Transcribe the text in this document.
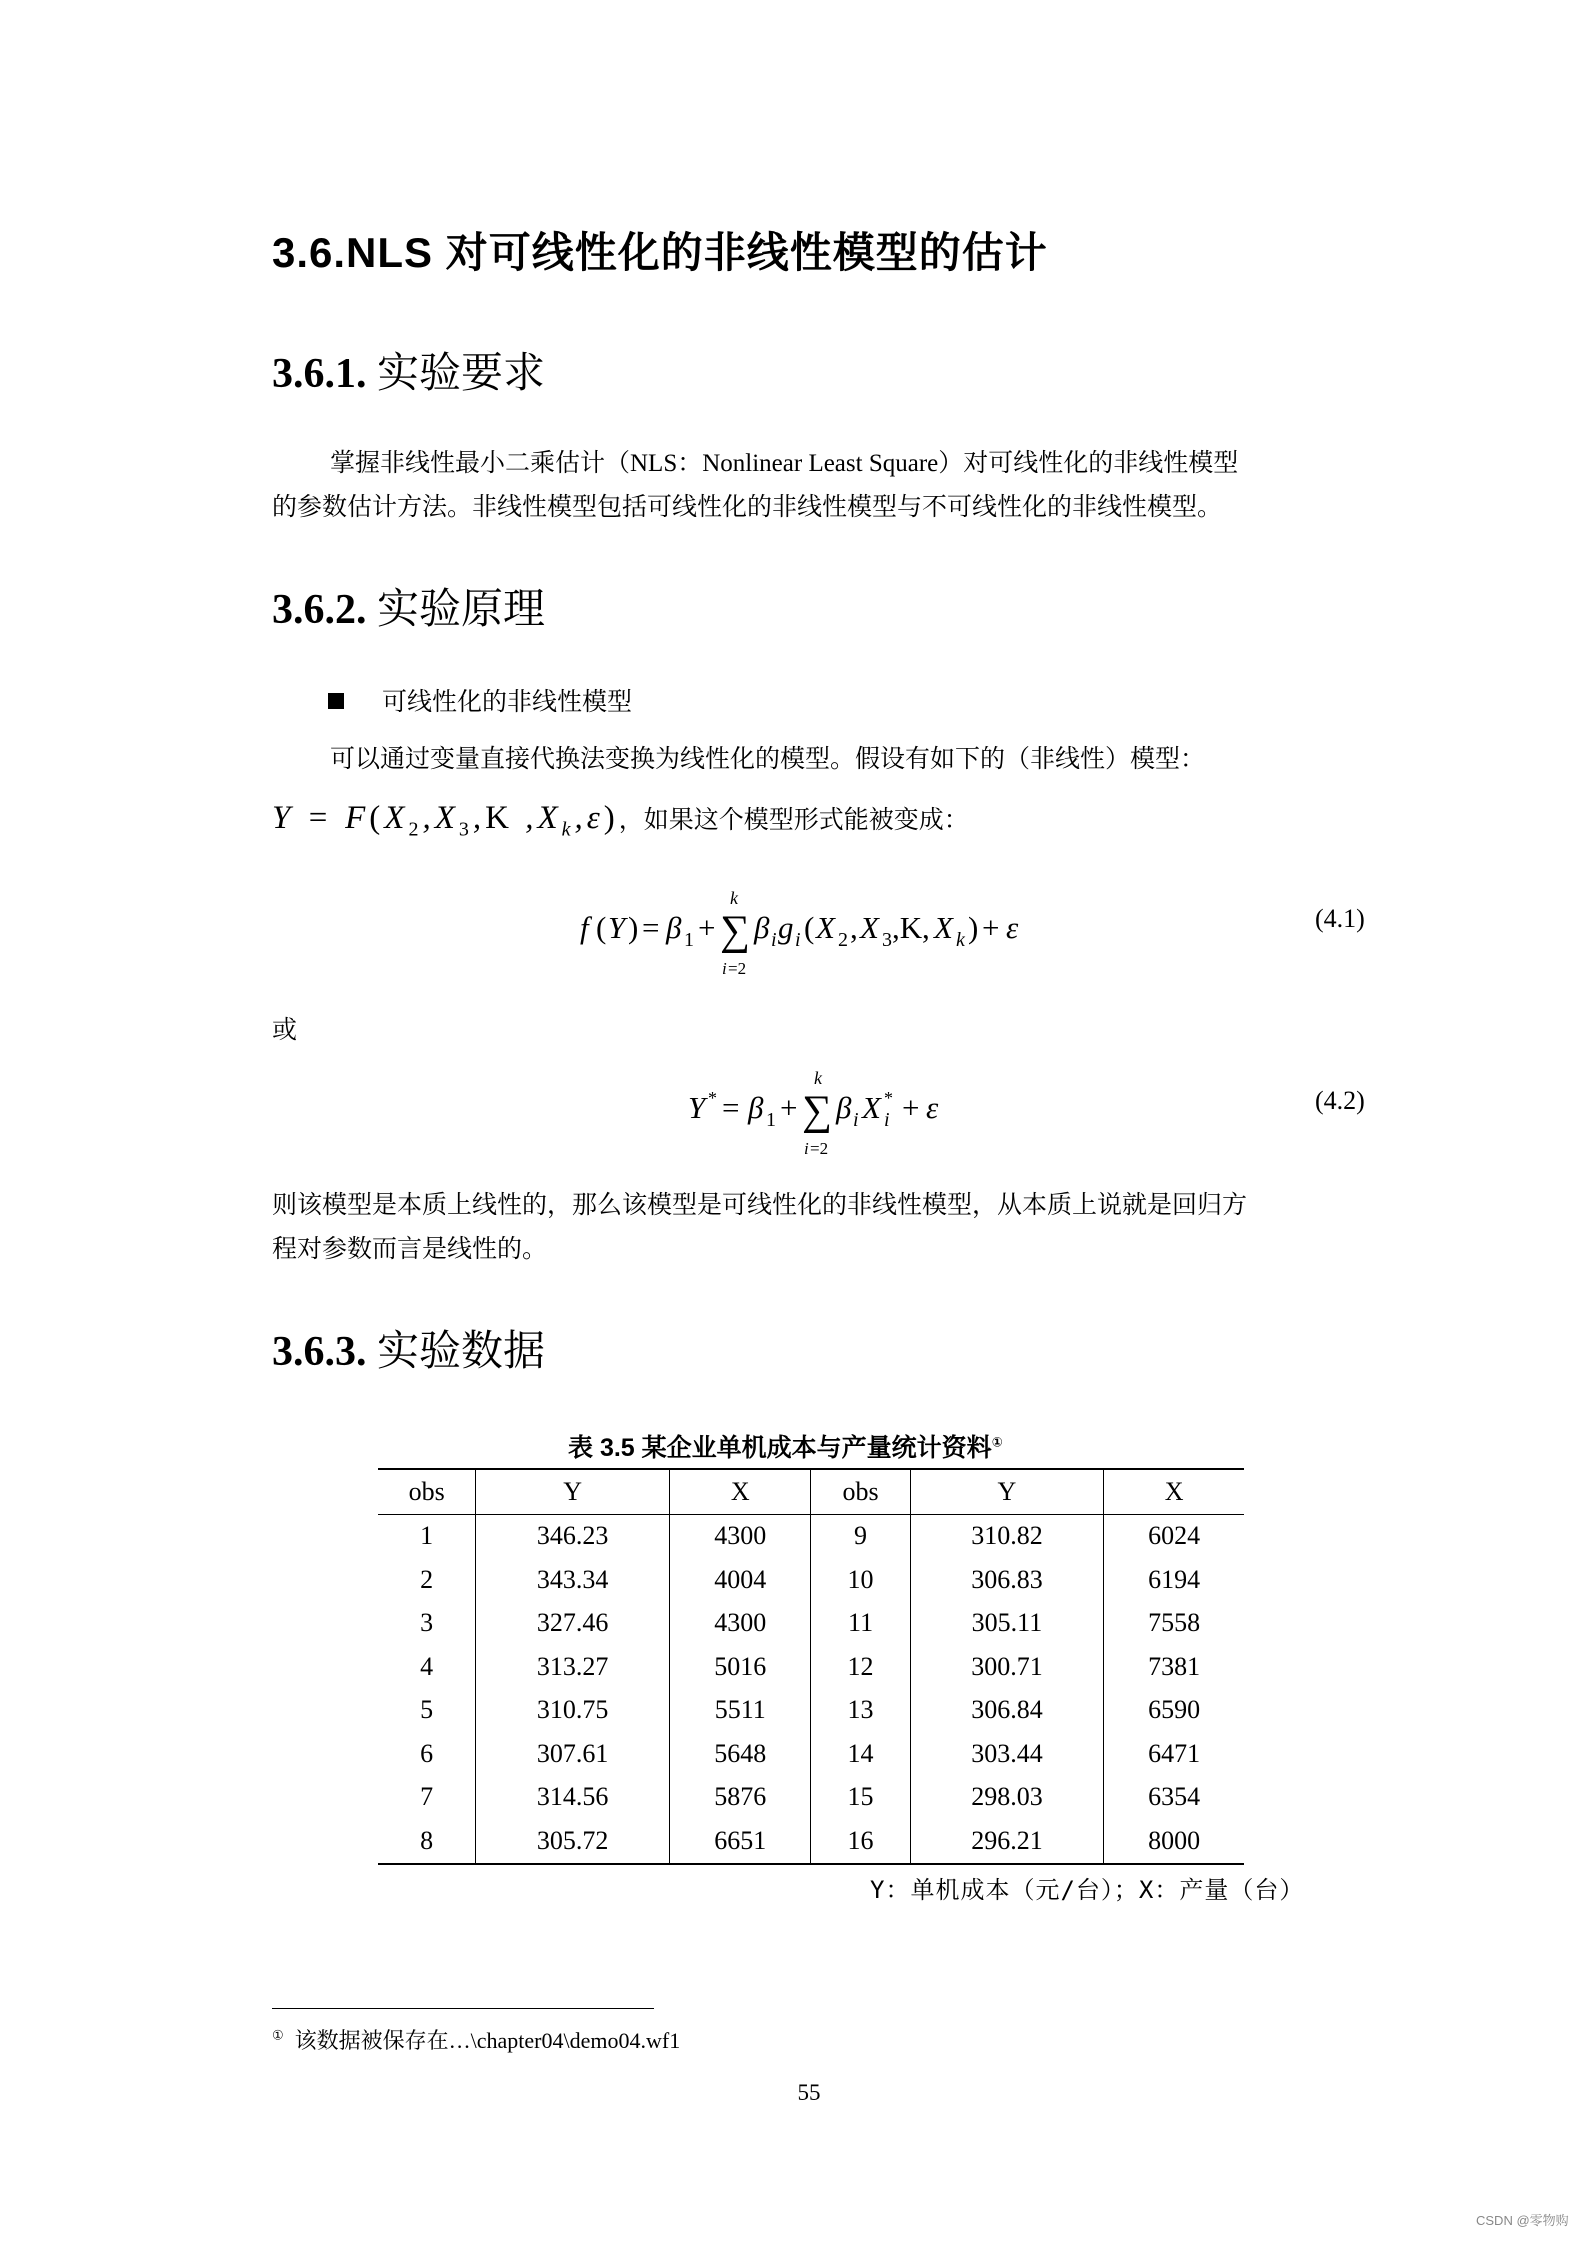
3.6.NLS 对可线性化的非线性模型的估计
3.6.1. 实验要求
掌握非线性最小二乘估计（NLS：Nonlinear Least Square）对可线性化的非线性模型
的参数估计方法。非线性模型包括可线性化的非线性模型与不可线性化的非线性模型。
3.6.2. 实验原理
可线性化的非线性模型
可以通过变量直接代换法变换为线性化的模型。假设有如下的（非线性）模型：
$Y = F(X_2,X_3,K$ $,X_k,\varepsilon$)，如果这个模型形式能被变成：
f ( Y ) = β 1 + ∑
k
i =2
β i g i ( X 2 , X 3 ,K , X k ) + ε	(4.1)
或
Y * = β 1 + ∑
k
i =2
β i X i
* + ε	(4.2)
则该模型是本质上线性的，那么该模型是可线性化的非线性模型，从本质上说就是回归方
程对参数而言是线性的。
3.6.3. 实验数据
表 3.5 某企业单机成本与产量统计资料①
obs	Y	X	obs	Y	X
1	346.23	4300	9	310.82	6024
2	343.34	4004	10	306.83	6194
3	327.46	4300	11	305.11	7558
4	313.27	5016	12	300.71	7381
5	310.75	5511	13	306.84	6590
6	307.61	5648	14	303.44	6471
7	314.56	5876	15	298.03	6354
8	305.72	6651	16	296.21	8000
Y：单机成本（元/台）；X：产量（台）
① 该数据被保存在…\chapter04\demo04.wf1
55
CSDN @零物购
